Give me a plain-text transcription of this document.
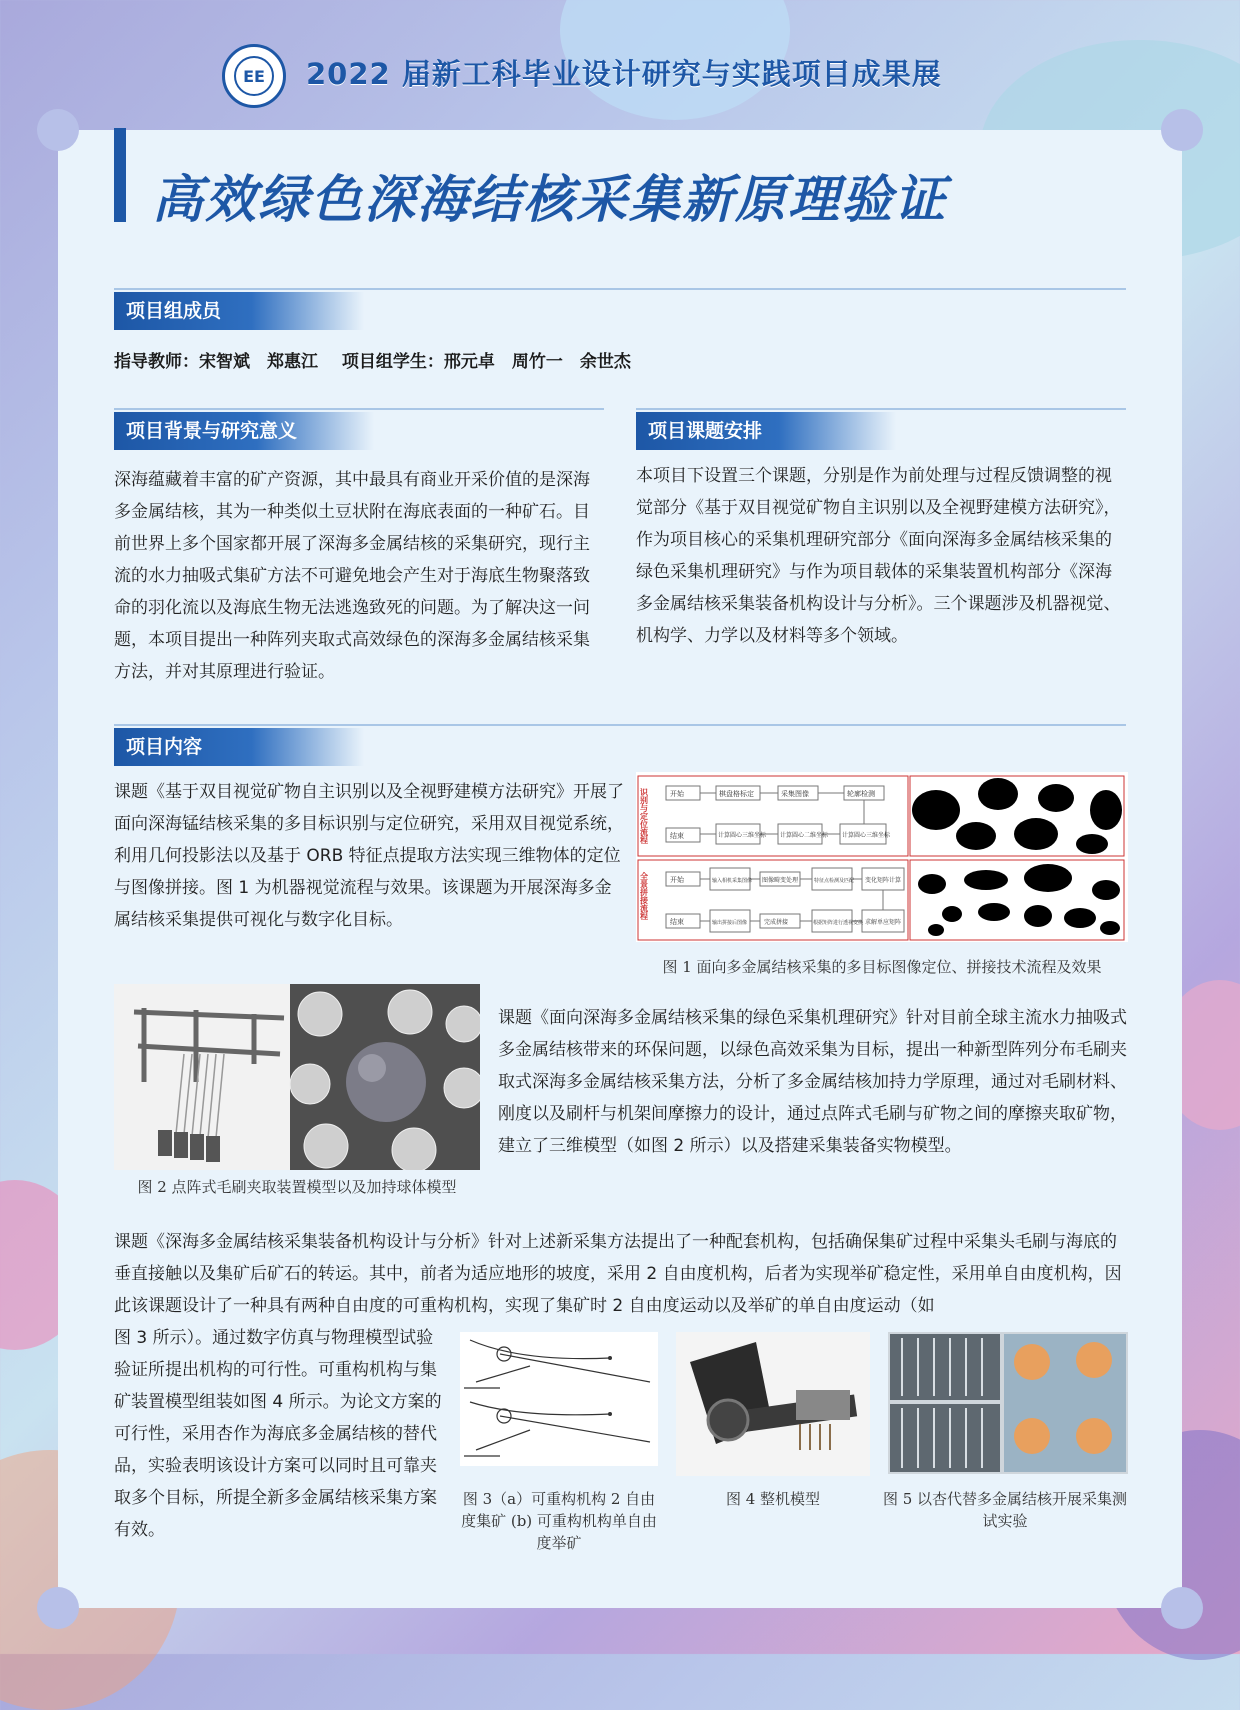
EE	2022 届新工科毕业设计研究与实践项目成果展
高效绿色深海结核采集新原理验证
项目组成员
指导教师：宋智斌　郑惠江 项目组学生：邢元卓　周竹一　余世杰
项目背景与研究意义
深海蕴藏着丰富的矿产资源，其中最具有商业开采价值的是深海多金属结核，其为一种类似土豆状附在海底表面的一种矿石。目前世界上多个国家都开展了深海多金属结核的采集研究，现行主流的水力抽吸式集矿方法不可避免地会产生对于海底生物聚落致命的羽化流以及海底生物无法逃逸致死的问题。为了解决这一问题，本项目提出一种阵列夹取式高效绿色的深海多金属结核采集方法，并对其原理进行验证。
项目课题安排
本项目下设置三个课题，分别是作为前处理与过程反馈调整的视觉部分《基于双目视觉矿物自主识别以及全视野建模方法研究》，作为项目核心的采集机理研究部分《面向深海多金属结核采集的绿色采集机理研究》与作为项目载体的采集装置机构部分《深海多金属结核采集装备机构设计与分析》。三个课题涉及机器视觉、机构学、力学以及材料等多个领域。
项目内容
课题《基于双目视觉矿物自主识别以及全视野建模方法研究》开展了面向深海锰结核采集的多目标识别与定位研究，采用双目视觉系统，利用几何投影法以及基于 ORB 特征点提取方法实现三维物体的定位与图像拼接。图 1 为机器视觉流程与效果。该课题为开展深海多金属结核采集提供可视化与数字化目标。
开始	棋盘格标定	采集图像	轮廓检测
结束	计算圆心三维坐标 计算圆心二维坐标 计算圆心三维坐标
开始	输入相机采集图像 图像畸变处理	特征点检测及匹配 变化矩阵计算
结束	输出拼接后图像	完成拼接	根据矩阵进行透视变换 求解单应矩阵
识别与定位流程
全景拼接流程
图 1 面向多金属结核采集的多目标图像定位、拼接技术流程及效果
图 2 点阵式毛刷夹取装置模型以及加持球体模型
课题《面向深海多金属结核采集的绿色采集机理研究》针对目前全球主流水力抽吸式多金属结核带来的环保问题，以绿色高效采集为目标，提出一种新型阵列分布毛刷夹取式深海多金属结核采集方法，分析了多金属结核加持力学原理，通过对毛刷材料、刚度以及刷杆与机架间摩擦力的设计，通过点阵式毛刷与矿物之间的摩擦夹取矿物，建立了三维模型（如图 2 所示）以及搭建采集装备实物模型。
课题《深海多金属结核采集装备机构设计与分析》针对上述新采集方法提出了一种配套机构，包括确保集矿过程中采集头毛刷与海底的垂直接触以及集矿后矿石的转运。其中，前者为适应地形的坡度，采用 2 自由度机构，后者为实现举矿稳定性，采用单自由度机构，因此该课题设计了一种具有两种自由度的可重构机构，实现了集矿时 2 自由度运动以及举矿的单自由度运动（如
图 3 所示）。通过数字仿真与物理模型试验验证所提出机构的可行性。可重构机构与集矿装置模型组装如图 4 所示。为论文方案的可行性，采用杏作为海底多金属结核的替代品，实验表明该设计方案可以同时且可靠夹取多个目标，所提全新多金属结核采集方案有效。
图 3（a）可重构机构 2 自由度集矿 (b) 可重构机构单自由度举矿
图 4 整机模型	图 5 以杏代替多金属结核开展采集测试实验
